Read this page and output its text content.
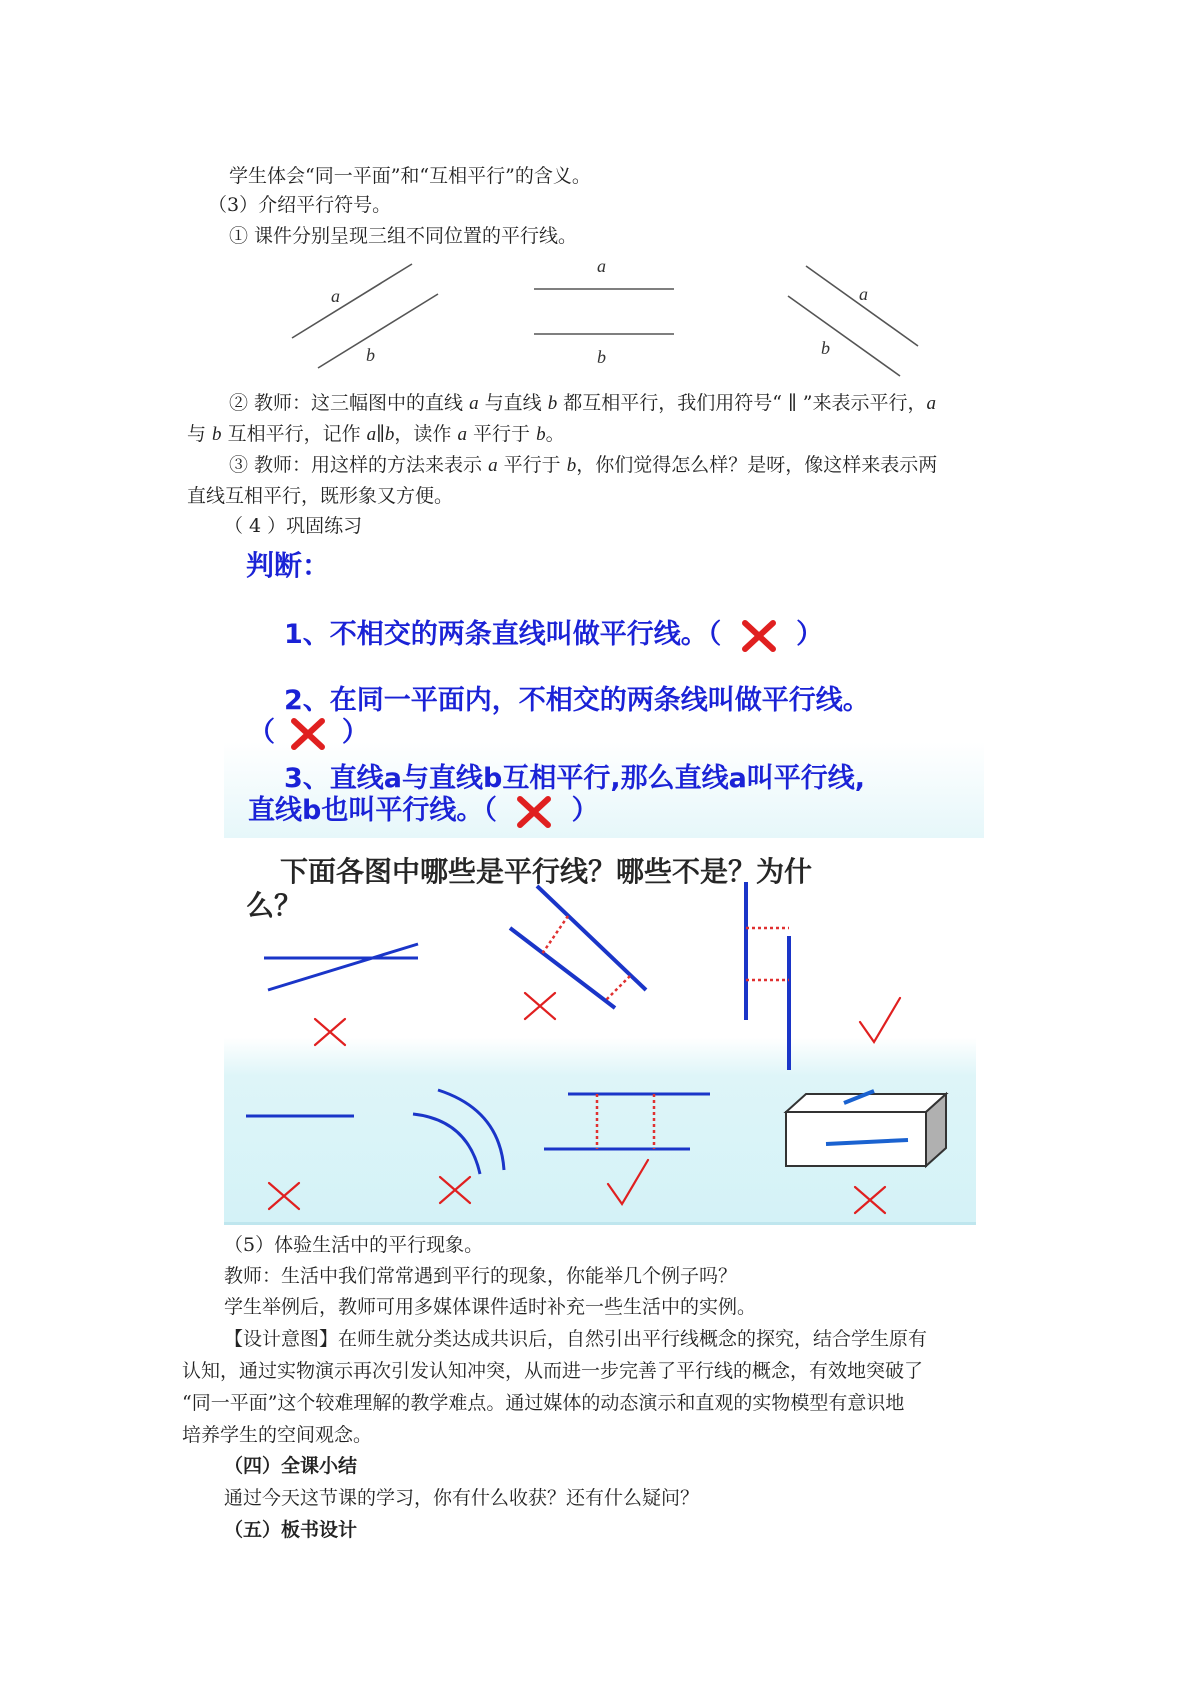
学生体会“同一平面”和“互相平行”的含义。
（3）介绍平行符号。
① 课件分别呈现三组不同位置的平行线。
a
b
a
b
a
b
② 教师：这三幅图中的直线 a 与直线 b 都互相平行，我们用符号“ ∥ ”来表示平行，a
与 b 互相平行，记作 a∥b，读作 a 平行于 b。
③ 教师：用这样的方法来表示 a 平行于 b，你们觉得怎么样？是呀，像这样来表示两
直线互相平行，既形象又方便。
（ 4 ）巩固练习
判断：
1、不相交的两条直线叫做平行线。（	）
2、在同一平面内，不相交的两条线叫做平行线。
（ ）
3、直线a与直线b互相平行,那么直线a叫平行线,
直线b也叫平行线。（	）
下面各图中哪些是平行线？哪些不是？为什
么？
（5）体验生活中的平行现象。
教师：生活中我们常常遇到平行的现象，你能举几个例子吗？
学生举例后，教师可用多媒体课件适时补充一些生活中的实例。
【设计意图】在师生就分类达成共识后，自然引出平行线概念的探究，结合学生原有
认知，通过实物演示再次引发认知冲突，从而进一步完善了平行线的概念，有效地突破了
“同一平面”这个较难理解的教学难点。通过媒体的动态演示和直观的实物模型有意识地
培养学生的空间观念。
（四）全课小结
通过今天这节课的学习，你有什么收获？还有什么疑问？
（五）板书设计
